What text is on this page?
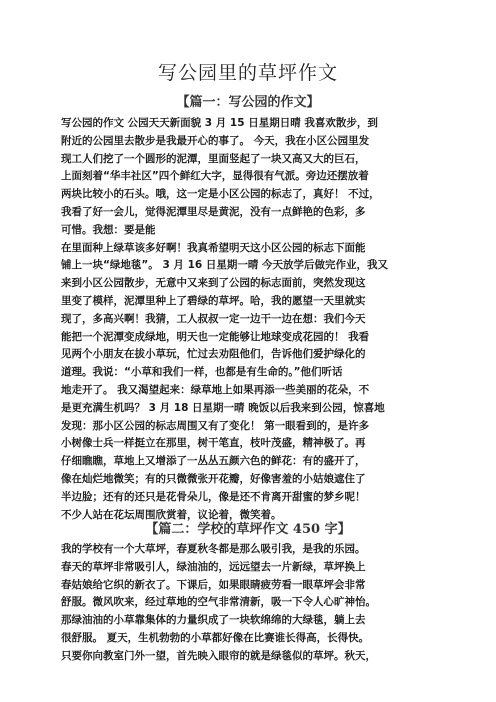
写公园里的草坪作文
【篇一：写公园的作文】
写公园的作文 公园天天新面貌 3 月 15 日星期日晴 我喜欢散步，到
附近的公园里去散步是我最开心的事了。 今天，我在小区公园里发
现工人们挖了一个圆形的泥潭，里面竖起了一块又高又大的巨石，
上面刻着“华丰社区”四个鲜红大字，显得很有气派。旁边还摆放着
两块比较小的石头。哦，这一定是小区公园的标志了，真好！ 不过，
我看了好一会儿，觉得泥潭里尽是黄泥，没有一点鲜艳的色彩，多
可惜。我想：要是能
在里面种上绿草该多好啊！我真希望明天这小区公园的标志下面能
铺上一块“绿地毯”。 3 月 16 日星期一晴 今天放学后做完作业，我又
来到小区公园散步，无意中又来到了公园的标志面前，突然发现这
里变了模样，泥潭里种上了碧绿的草坪。哈，我的愿望一天里就实
现了，多高兴啊！我猜，工人叔叔一定一边干一边在想：我们今天
能把一个泥潭变成绿地，明天也一定能够让地球变成花园的！ 我看
见两个小朋友在拔小草玩，忙过去劝阻他们，告诉他们爱护绿化的
道理。我说：“小草和我们一样，也都是有生命的。”他们听话
地走开了。 我又渴望起来：绿草地上如果再添一些美丽的花朵，不
是更充满生机吗？ 3 月 18 日星期一晴 晚饭以后我来到公园，惊喜地
发现：那小区公园的标志周围又有了变化！ 第一眼看到的，是许多
小树像士兵一样挺立在那里，树干笔直，枝叶茂盛，精神极了。再
仔细瞧瞧，草地上又增添了一丛丛五颜六色的鲜花：有的盛开了，
像在灿烂地微笑；有的只微微张开花瓣，好像害羞的小姑娘遮住了
半边脸；还有的还只是花骨朵儿，像是还不肯离开甜蜜的梦乡呢！
不少人站在花坛周围欣赏着，议论着，微笑着。
【篇二：学校的草坪作文 450 字】
我的学校有一个大草坪，春夏秋冬都是那么吸引我，是我的乐园。
春天的草坪非常吸引人，绿油油的，远远望去一片新绿，草坪换上
春姑娘给它织的新衣了。下课后，如果眼睛疲劳看一眼草坪会非常
舒服。微风吹来，经过草地的空气非常清新，吸一下令人心旷神怡。
那绿油油的小草靠集体的力量织成了一块软绵绵的大绿毯，躺上去
很舒服。 夏天，生机勃勃的小草都好像在比赛谁长得高，长得快。
只要你向教室门外一望，首先映入眼帘的就是绿毯似的草坪。秋天，
